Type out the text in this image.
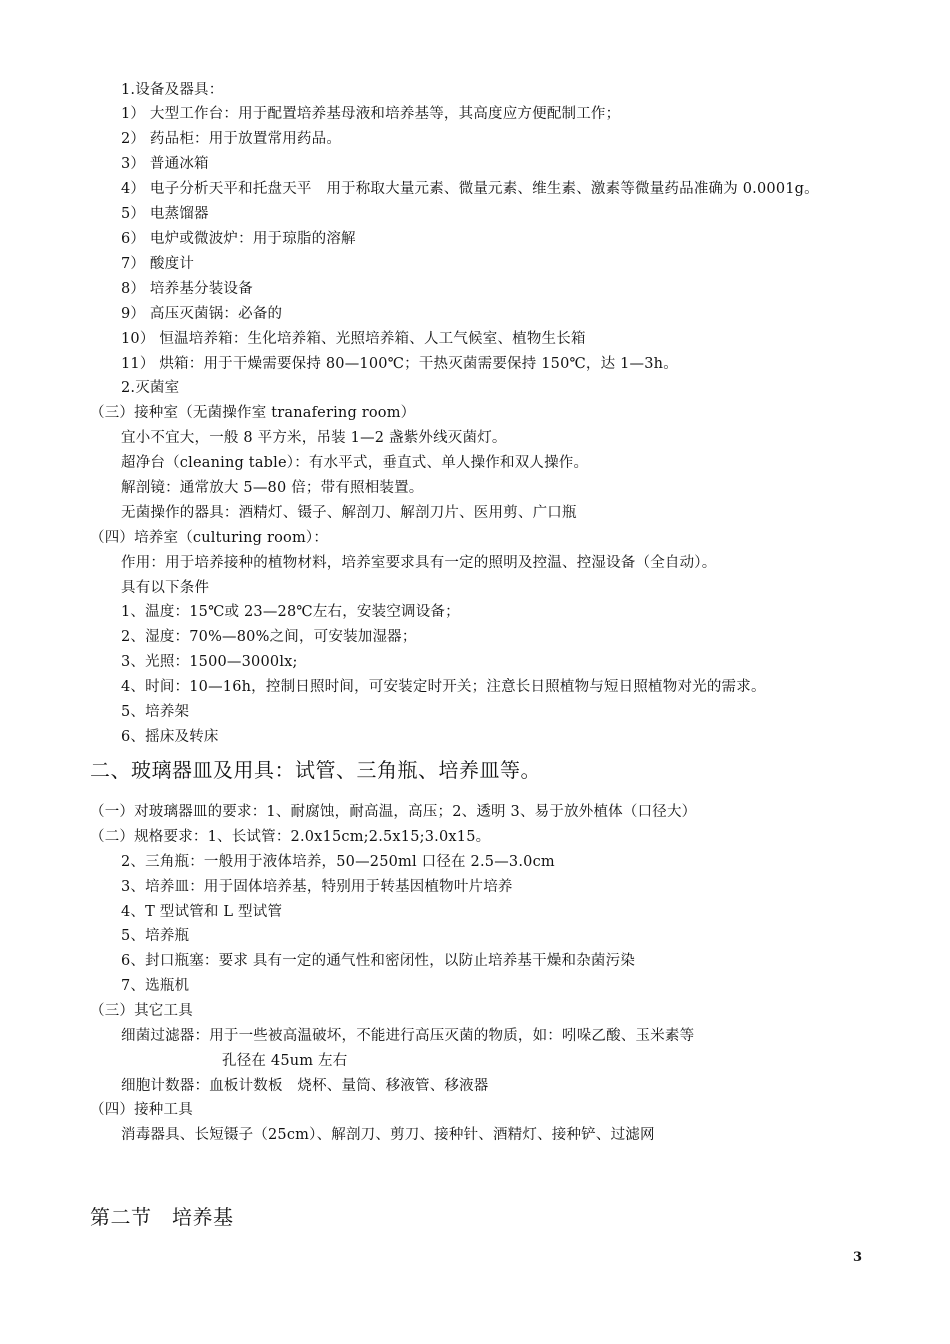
1.设备及器具：
1） 大型工作台：用于配置培养基母液和培养基等，其高度应方便配制工作；
2） 药品柜：用于放置常用药品。
3） 普通冰箱
4） 电子分析天平和托盘天平　用于称取大量元素、微量元素、维生素、激素等微量药品准确为 0.0001g。
5） 电蒸馏器
6） 电炉或微波炉：用于琼脂的溶解
7） 酸度计
8） 培养基分装设备
9） 高压灭菌锅：必备的
10） 恒温培养箱：生化培养箱、光照培养箱、人工气候室、植物生长箱
11） 烘箱：用于干燥需要保持 80—100℃；干热灭菌需要保持 150℃，达 1—3h。
2.灭菌室
（三）接种室（无菌操作室 tranafering room）
宜小不宜大，一般 8 平方米，吊装 1—2 盏紫外线灭菌灯。
超净台（cleaning table）：有水平式，垂直式、单人操作和双人操作。
解剖镜：通常放大 5—80 倍；带有照相装置。
无菌操作的器具：酒精灯、镊子、解剖刀、解剖刀片、医用剪、广口瓶
（四）培养室（culturing room）：
作用：用于培养接种的植物材料，培养室要求具有一定的照明及控温、控湿设备（全自动）。
具有以下条件
1、温度：15℃或 23—28℃左右，安装空调设备；
2、湿度：70%—80%之间，可安装加湿器；
3、光照：1500—3000lx;
4、时间：10—16h，控制日照时间，可安装定时开关；注意长日照植物与短日照植物对光的需求。
5、培养架
6、摇床及转床
（一）对玻璃器皿的要求：1、耐腐蚀，耐高温，高压；2、透明 3、易于放外植体（口径大）
（二）规格要求：1、长试管：2.0x15cm;2.5x15;3.0x15。
2、三角瓶：一般用于液体培养，50—250ml 口径在 2.5—3.0cm
3、培养皿：用于固体培养基，特别用于转基因植物叶片培养
4、T 型试管和 L 型试管
5、培养瓶
6、封口瓶塞：要求 具有一定的通气性和密闭性，以防止培养基干燥和杂菌污染
7、选瓶机
（三）其它工具
细菌过滤器：用于一些被高温破坏，不能进行高压灭菌的物质，如：吲哚乙酸、玉米素等
孔径在 45um 左右
细胞计数器：血板计数板　烧杯、量筒、移液管、移液器
（四）接种工具
消毒器具、长短镊子（25cm）、解剖刀、剪刀、接种针、酒精灯、接种铲、过滤网
二、玻璃器皿及用具：试管、三角瓶、培养皿等。
第二节　培养基
3
